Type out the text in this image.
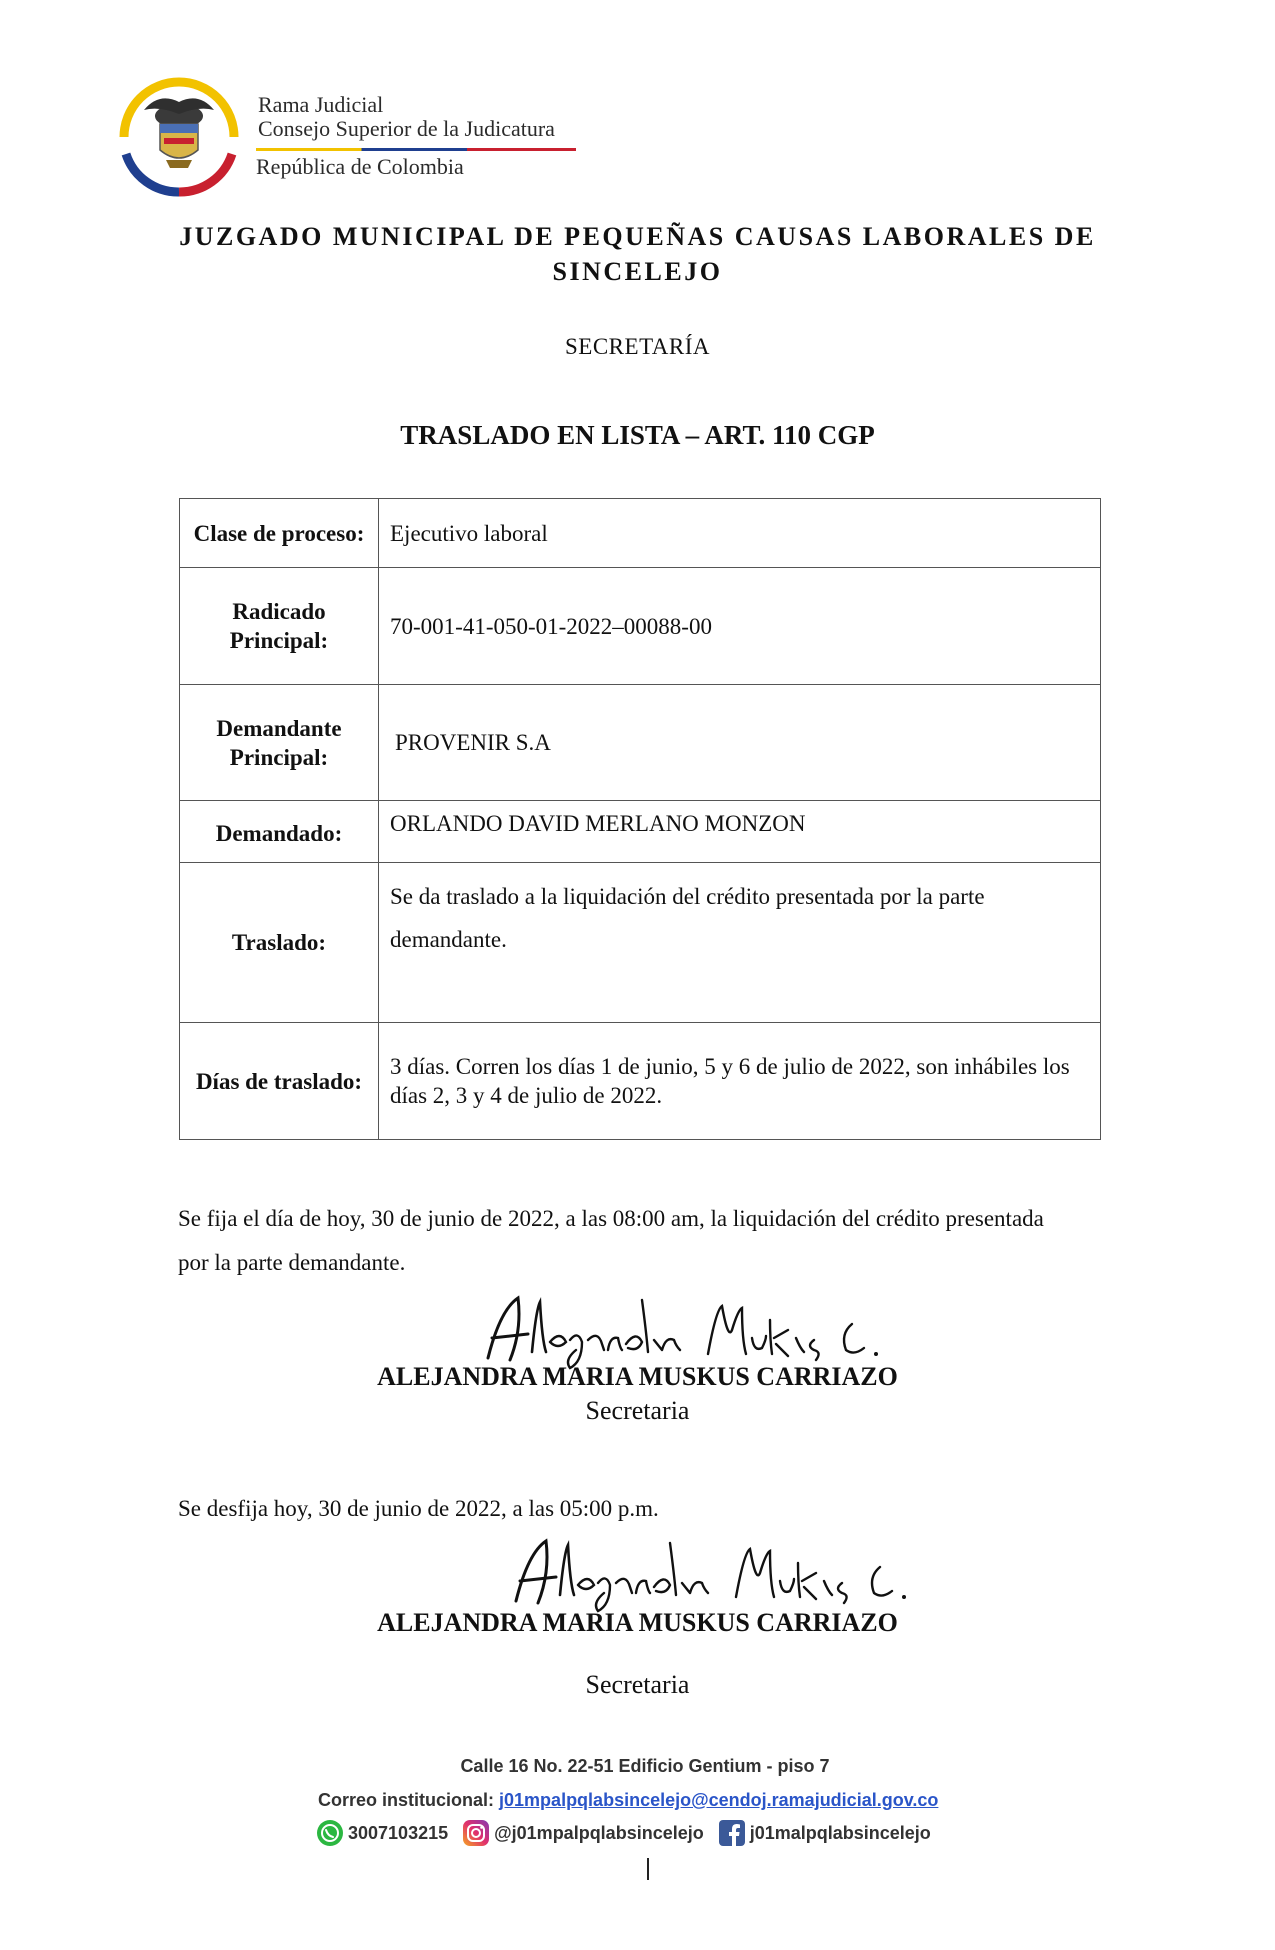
Rama Judicial
Consejo Superior de la Judicatura
República de Colombia
JUZGADO MUNICIPAL DE PEQUEÑAS CAUSAS LABORALES DE SINCELEJO
SECRETARÍA
TRASLADO EN LISTA – ART. 110 CGP
Clase de proceso:	Ejecutivo laboral
Radicado Principal:	70-001-41-050-01-2022–00088-00
Demandante Principal:	PROVENIR S.A
Demandado:	ORLANDO DAVID MERLANO MONZON
Traslado:	Se da traslado a la liquidación del crédito presentada por la parte demandante.
Días de traslado:	3 días. Corren los días 1 de junio, 5 y 6 de julio de 2022, son inhábiles los días 2, 3 y 4 de julio de 2022.
Se fija el día de hoy, 30 de junio de 2022, a las 08:00 am, la liquidación del crédito presentada por la parte demandante.
ALEJANDRA MARIA MUSKUS CARRIAZO
Secretaria
Se desfija hoy, 30 de junio de 2022, a las 05:00 p.m.
ALEJANDRA MARIA MUSKUS CARRIAZO
Secretaria
Calle 16 No. 22-51 Edificio Gentium - piso 7
Correo institucional: j01mpalpqlabsincelejo@cendoj.ramajudicial.gov.co
3007103215	@j01mpalpqlabsincelejo	j01malpqlabsincelejo
